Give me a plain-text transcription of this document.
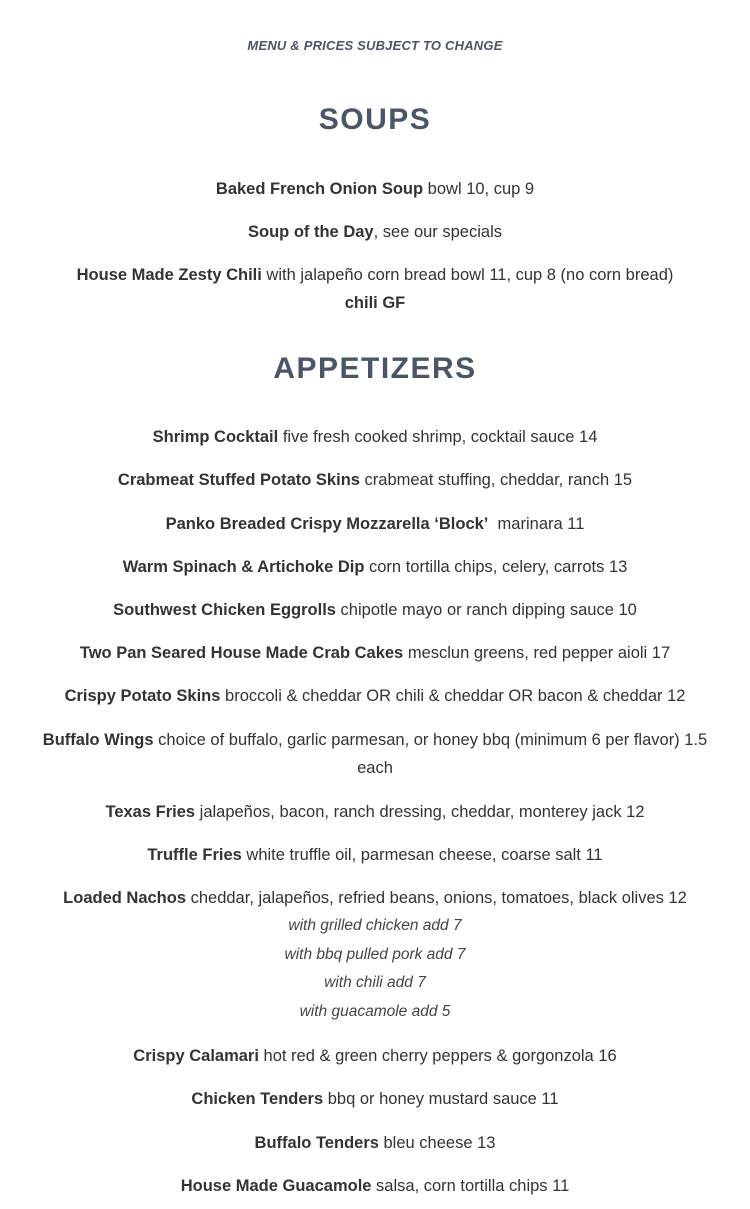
MENU & PRICES SUBJECT TO CHANGE
SOUPS

Baked French Onion Soup bowl 10, cup 9

Soup of the Day, see our specials

House Made Zesty Chili with jalapeño corn bread bowl 11, cup 8 (no corn bread)
chili GF

APPETIZERS

Shrimp Cocktail five fresh cooked shrimp, cocktail sauce 14

Crabmeat Stuffed Potato Skins crabmeat stuffing, cheddar, ranch 15

Panko Breaded Crispy Mozzarella ‘Block’  marinara 11

Warm Spinach & Artichoke Dip corn tortilla chips, celery, carrots 13

Southwest Chicken Eggrolls chipotle mayo or ranch dipping sauce 10

Two Pan Seared House Made Crab Cakes mesclun greens, red pepper aioli 17

Crispy Potato Skins broccoli & cheddar OR chili & cheddar OR bacon & cheddar 12

Buffalo Wings choice of buffalo, garlic parmesan, or honey bbq (minimum 6 per flavor) 1.5 each

Texas Fries jalapeños, bacon, ranch dressing, cheddar, monterey jack 12

Truffle Fries white truffle oil, parmesan cheese, coarse salt 11

Loaded Nachos cheddar, jalapeños, refried beans, onions, tomatoes, black olives 12
with grilled chicken add 7
with bbq pulled pork add 7
with chili add 7
with guacamole add 5

Crispy Calamari hot red & green cherry peppers & gorgonzola 16

Chicken Tenders bbq or honey mustard sauce 11

Buffalo Tenders bleu cheese 13

House Made Guacamole salsa, corn tortilla chips 11
